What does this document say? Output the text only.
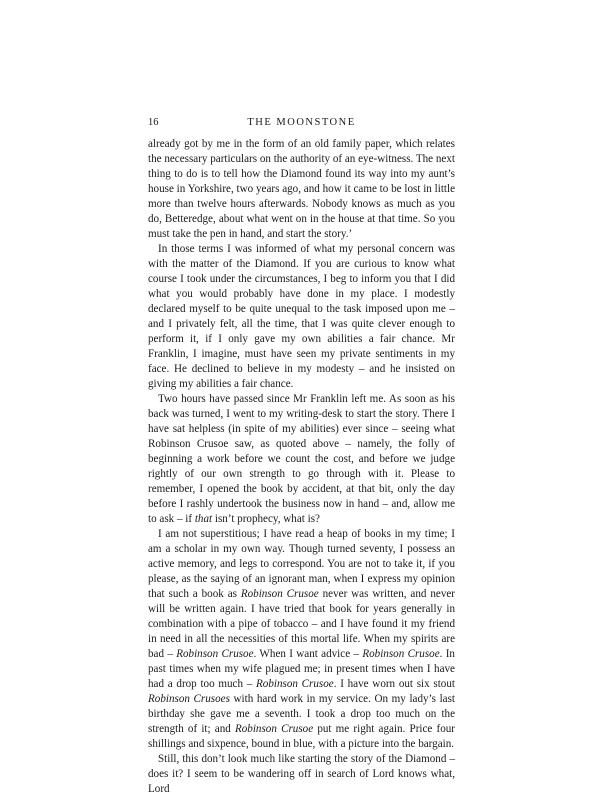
16	THE MOONSTONE

already got by me in the form of an old family paper, which relates the necessary particulars on the authority of an eye-witness. The next thing to do is to tell how the Diamond found its way into my aunt’s house in Yorkshire, two years ago, and how it came to be lost in little more than twelve hours afterwards. Nobody knows as much as you do, Betteredge, about what went on in the house at that time. So you must take the pen in hand, and start the story.’

In those terms I was informed of what my personal concern was with the matter of the Diamond. If you are curious to know what course I took under the circumstances, I beg to inform you that I did what you would probably have done in my place. I modestly declared myself to be quite unequal to the task imposed upon me – and I privately felt, all the time, that I was quite clever enough to perform it, if I only gave my own abilities a fair chance. Mr Franklin, I imagine, must have seen my private sentiments in my face. He declined to believe in my modesty – and he insisted on giving my abilities a fair chance.

Two hours have passed since Mr Franklin left me. As soon as his back was turned, I went to my writing-desk to start the story. There I have sat helpless (in spite of my abilities) ever since – seeing what Robinson Crusoe saw, as quoted above – namely, the folly of beginning a work before we count the cost, and before we judge rightly of our own strength to go through with it. Please to remember, I opened the book by accident, at that bit, only the day before I rashly undertook the business now in hand – and, allow me to ask – if that isn’t prophecy, what is?

I am not superstitious; I have read a heap of books in my time; I am a scholar in my own way. Though turned seventy, I possess an active memory, and legs to correspond. You are not to take it, if you please, as the saying of an ignorant man, when I express my opinion that such a book as Robinson Crusoe never was written, and never will be written again. I have tried that book for years generally in combination with a pipe of tobacco – and I have found it my friend in need in all the necessities of this mortal life. When my spirits are bad – Robinson Crusoe. When I want advice – Robinson Crusoe. In past times when my wife plagued me; in present times when I have had a drop too much – Robinson Crusoe. I have worn out six stout Robinson Crusoes with hard work in my service. On my lady’s last birthday she gave me a seventh. I took a drop too much on the strength of it; and Robinson Crusoe put me right again. Price four shillings and sixpence, bound in blue, with a picture into the bargain.

Still, this don’t look much like starting the story of the Diamond – does it? I seem to be wandering off in search of Lord knows what, Lord
